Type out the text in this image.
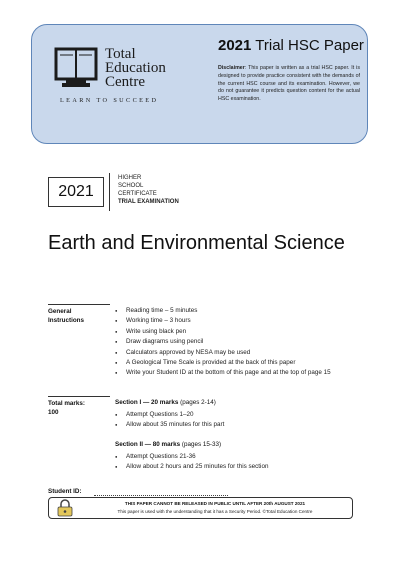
Total
Education
Centre
LEARN TO SUCCEED
2021 Trial HSC Paper
Disclaimer: This paper is written as a trial HSC paper. It is designed to provide practice consistent with the demands of the current HSC course and its examination. However, we do not guarantee it predicts question content for the actual HSC examination.
2021
HIGHER
SCHOOL
CERTIFICATE
TRIAL EXAMINATION
Earth and Environmental Science
General Instructions
● Reading time – 5 minutes
● Working time – 3 hours
● Write using black pen
● Draw diagrams using pencil
● Calculators approved by NESA may be used
● A Geological Time Scale is provided at the back of this paper
● Write your Student ID at the bottom of this page and at the top of page 15
Total marks:
100
Section I — 20 marks (pages 2-14)
● Attempt Questions 1–20
● Allow about 35 minutes for this part
Section II — 80 marks (pages 15-33)
● Attempt Questions 21-36
● Allow about 2 hours and 25 minutes for this section
Student ID:
THIS PAPER CANNOT BE RELEASED IN PUBLIC UNTIL AFTER 20th AUGUST 2021
This paper is used with the understanding that it has a Security Period. ©Total Education Centre
